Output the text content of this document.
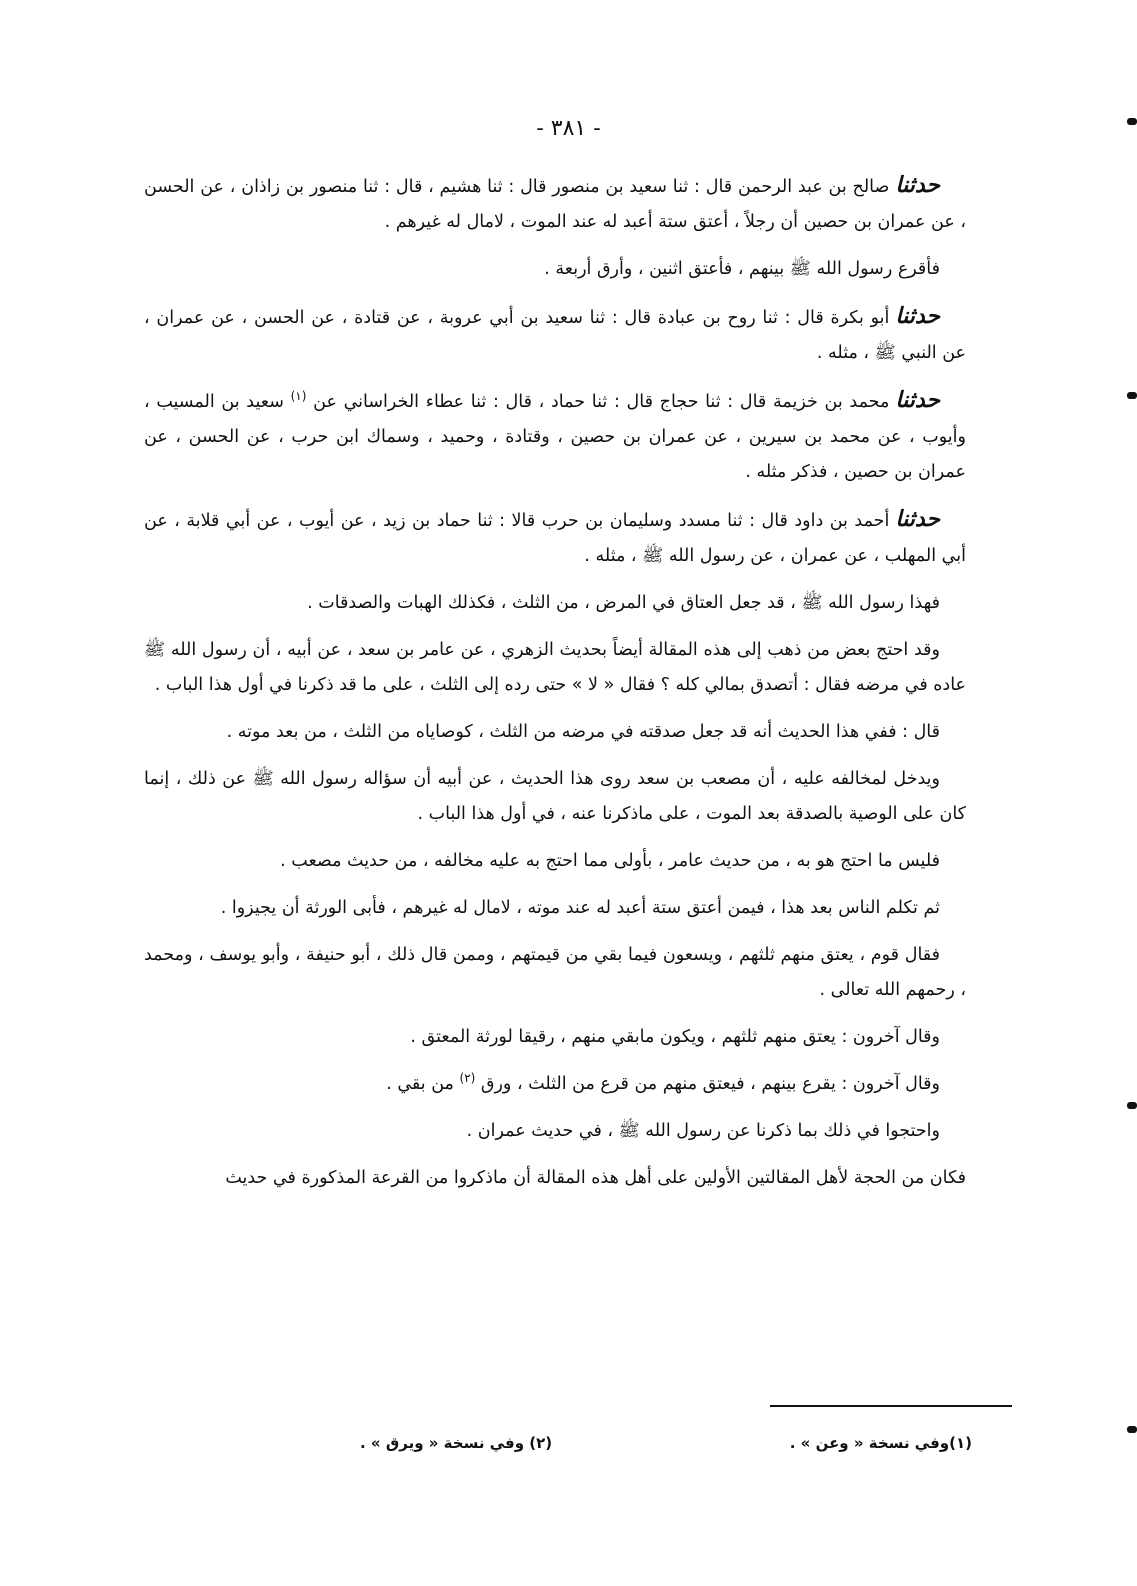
- ٣٨١ -

حدثناصالح بن عبد الرحمن قال : ثنا سعيد بن منصور قال : ثنا هشيم ، قال : ثنا منصور بن زاذان ، عن الحسن ، عن عمران بن حصين أن رجلاً ، أعتق ستة أعبد له عند الموت ، لامال له غيرهم .

فأقرع رسول الله ﷺ بينهم ، فأعتق اثنين ، وأرق أربعة .

حدثناأبو بكرة قال : ثنا روح بن عبادة قال : ثنا سعيد بن أبي عروبة ، عن قتادة ، عن الحسن ، عن عمران ، عن النبي ﷺ ، مثله .

حدثنامحمد بن خزيمة قال : ثنا حجاج قال : ثنا حماد ، قال : ثنا عطاء الخراساني عن $^{(١)}$ سعيد بن المسيب ، وأيوب ، عن محمد بن سيرين ، عن عمران بن حصين ، وقتادة ، وحميد ، وسماك ابن حرب ، عن الحسن ، عن عمران بن حصين ، فذكر مثله .

حدثناأحمد بن داود قال : ثنا مسدد وسليمان بن حرب قالا : ثنا حماد بن زيد ، عن أيوب ، عن أبي قلابة ، عن أبي المهلب ، عن عمران ، عن رسول الله ﷺ ، مثله .

فهذا رسول الله ﷺ ، قد جعل العتاق في المرض ، من الثلث ، فكذلك الهبات والصدقات .

وقد احتج بعض من ذهب إلى هذه المقالة أيضاً بحديث الزهري ، عن عامر بن سعد ، عن أبيه ، أن رسول الله ﷺ عاده في مرضه فقال : أتصدق بمالي كله ؟ فقال « لا » حتى رده إلى الثلث ، على ما قد ذكرنا في أول هذا الباب .

قال : ففي هذا الحديث أنه قد جعل صدقته في مرضه من الثلث ، كوصاياه من الثلث ، من بعد موته .

ويدخل لمخالفه عليه ، أن مصعب بن سعد روى هذا الحديث ، عن أبيه أن سؤاله رسول الله ﷺ عن ذلك ، إنما كان على الوصية بالصدقة بعد الموت ، على ماذكرنا عنه ، في أول هذا الباب .

فليس ما احتج هو به ، من حديث عامر ، بأولى مما احتج به عليه مخالفه ، من حديث مصعب .

ثم تكلم الناس بعد هذا ، فيمن أعتق ستة أعبد له عند موته ، لامال له غيرهم ، فأبى الورثة أن يجيزوا .

فقال قوم ، يعتق منهم ثلثهم ، ويسعون فيما بقي من قيمتهم ، وممن قال ذلك ، أبو حنيفة ، وأبو يوسف ، ومحمد ، رحمهم الله تعالى .

وقال آخرون : يعتق منهم ثلثهم ، ويكون مابقي منهم ، رقيقا لورثة المعتق .

وقال آخرون : يقرع بينهم ، فيعتق منهم من قرع من الثلث ، ورق $^{(٢)}$ من بقي .

واحتجوا في ذلك بما ذكرنا عن رسول الله ﷺ ، في حديث عمران .

فكان من الحجة لأهل المقالتين الأولين على أهل هذه المقالة أن ماذكروا من القرعة المذكورة في حديث

(١)وفي نسخة « وعن » .
(٢) وفي نسخة « ويرق » .
